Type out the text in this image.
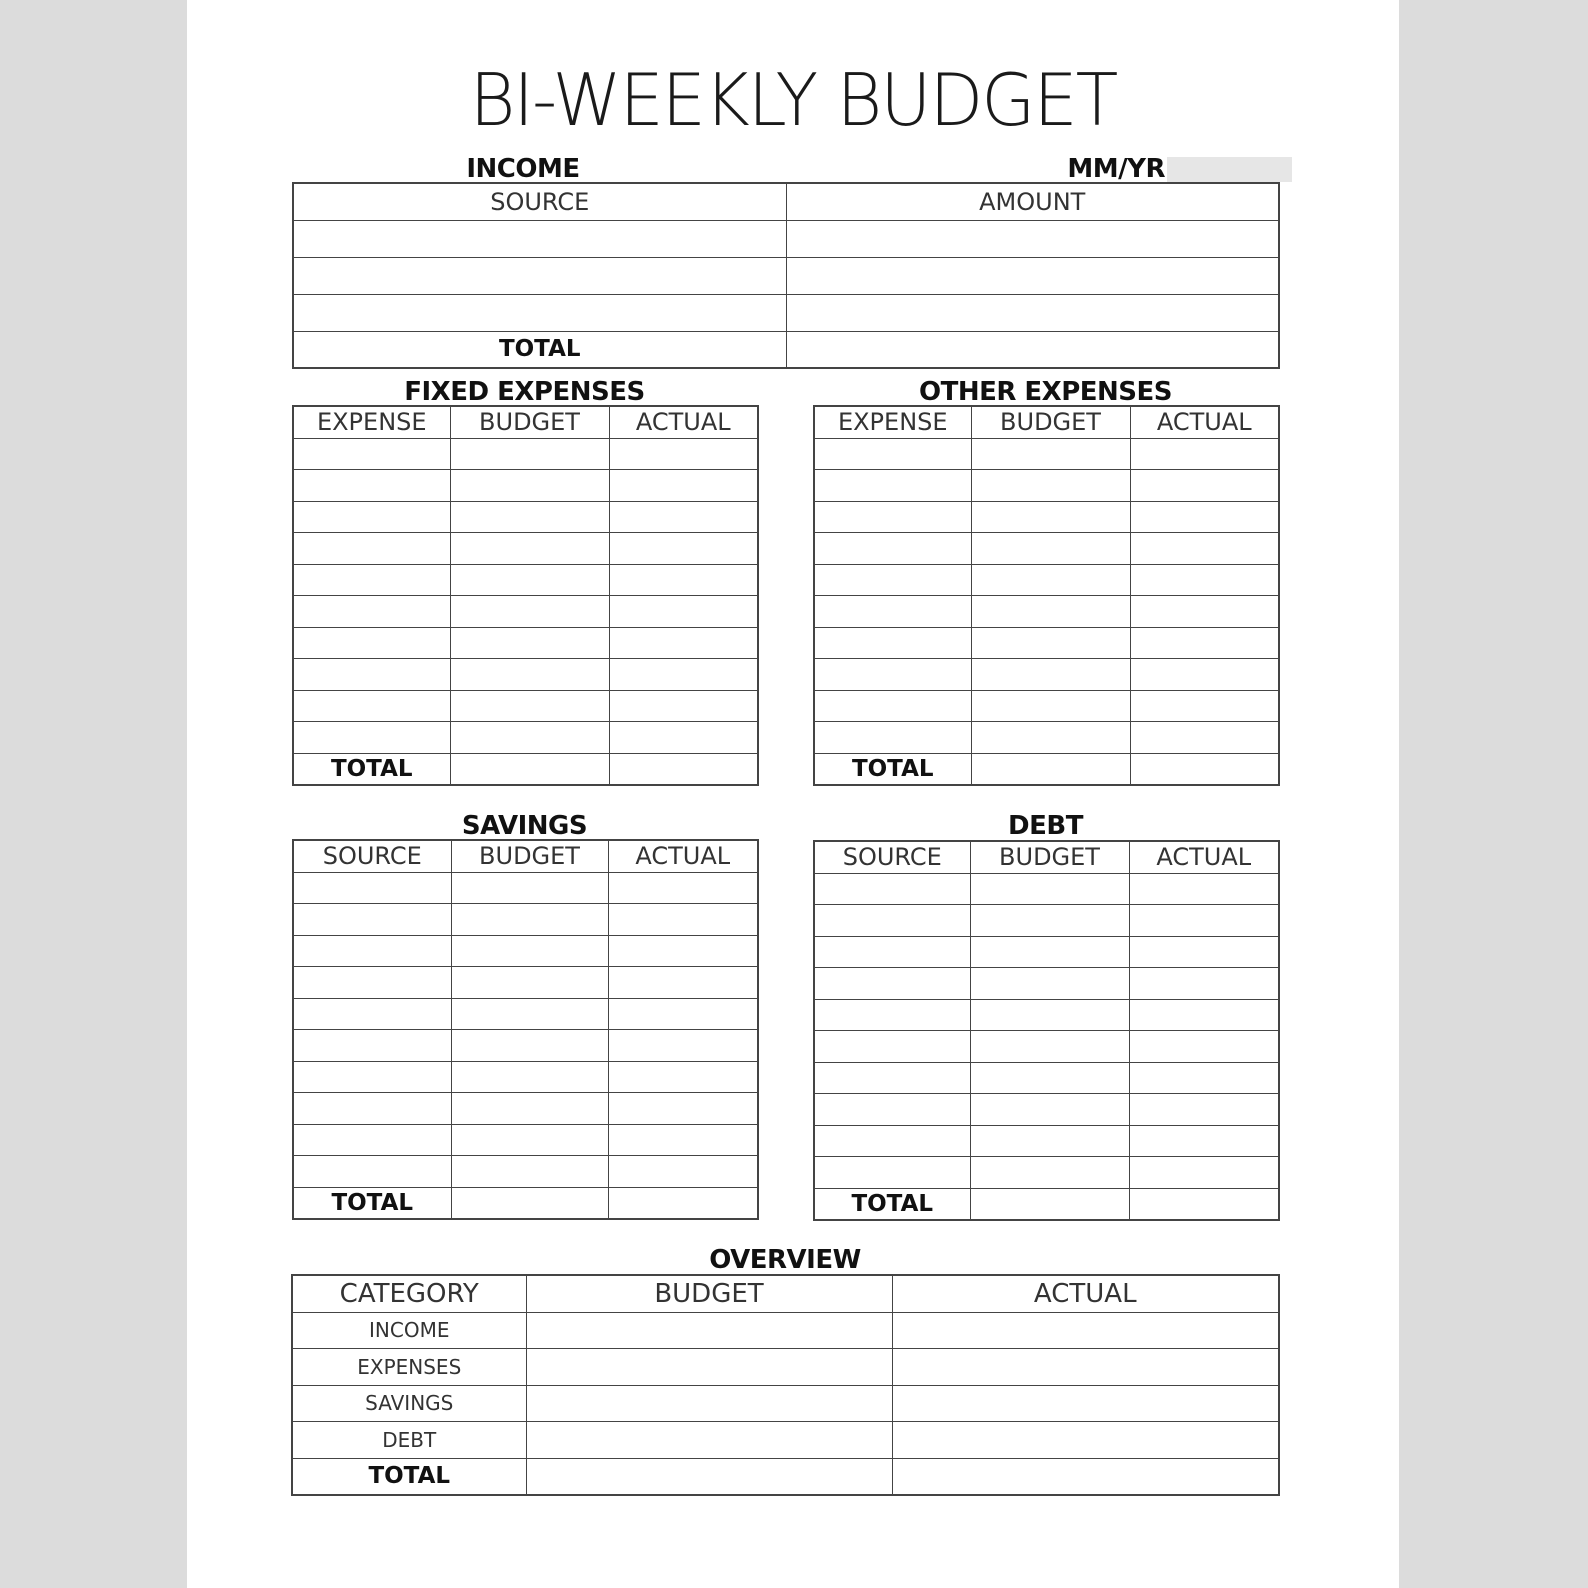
BI-WEEKLY BUDGET
INCOME	MM/YR
SOURCE	AMOUNT

TOTAL	
FIXED EXPENSES
EXPENSE	BUDGET	ACTUAL

TOTAL		
OTHER EXPENSES
EXPENSE	BUDGET	ACTUAL

TOTAL		
SAVINGS
SOURCE	BUDGET	ACTUAL

TOTAL		
DEBT
SOURCE	BUDGET	ACTUAL

TOTAL		
OVERVIEW
CATEGORY	BUDGET	ACTUAL
INCOME		
EXPENSES		
SAVINGS		
DEBT		
TOTAL		
